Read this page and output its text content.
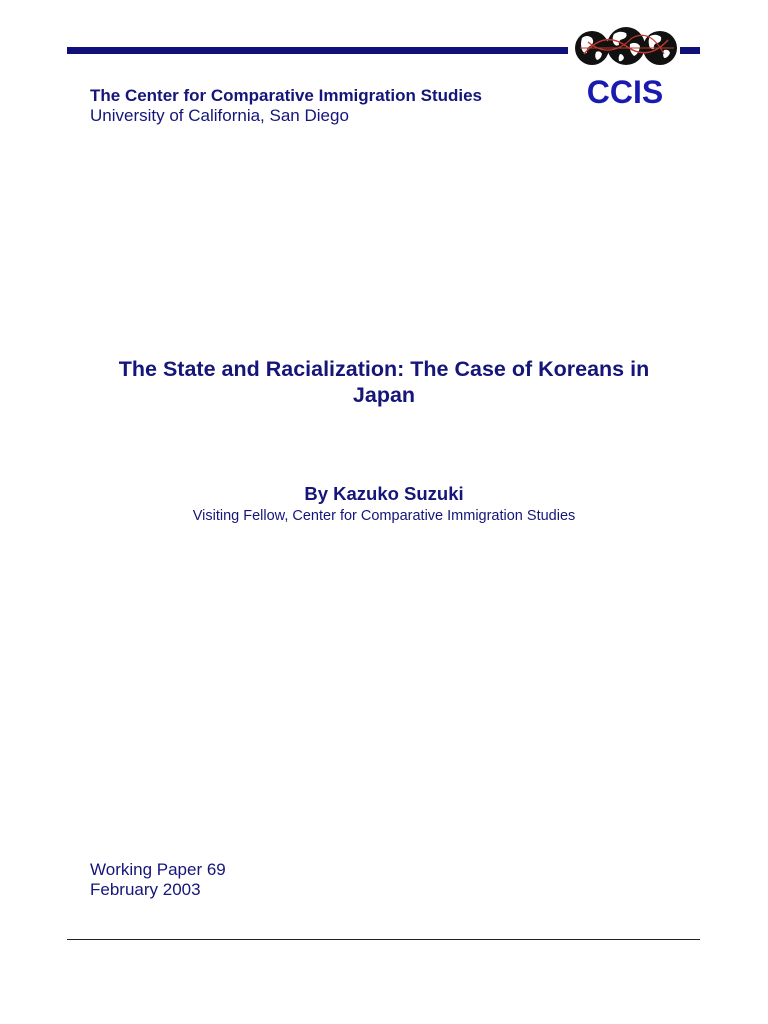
CCIS
The Center for Comparative Immigration Studies
University of California, San Diego
The State and Racialization: The Case of Koreans in Japan
By Kazuko Suzuki
Visiting Fellow, Center for Comparative Immigration Studies
Working Paper 69
February 2003
